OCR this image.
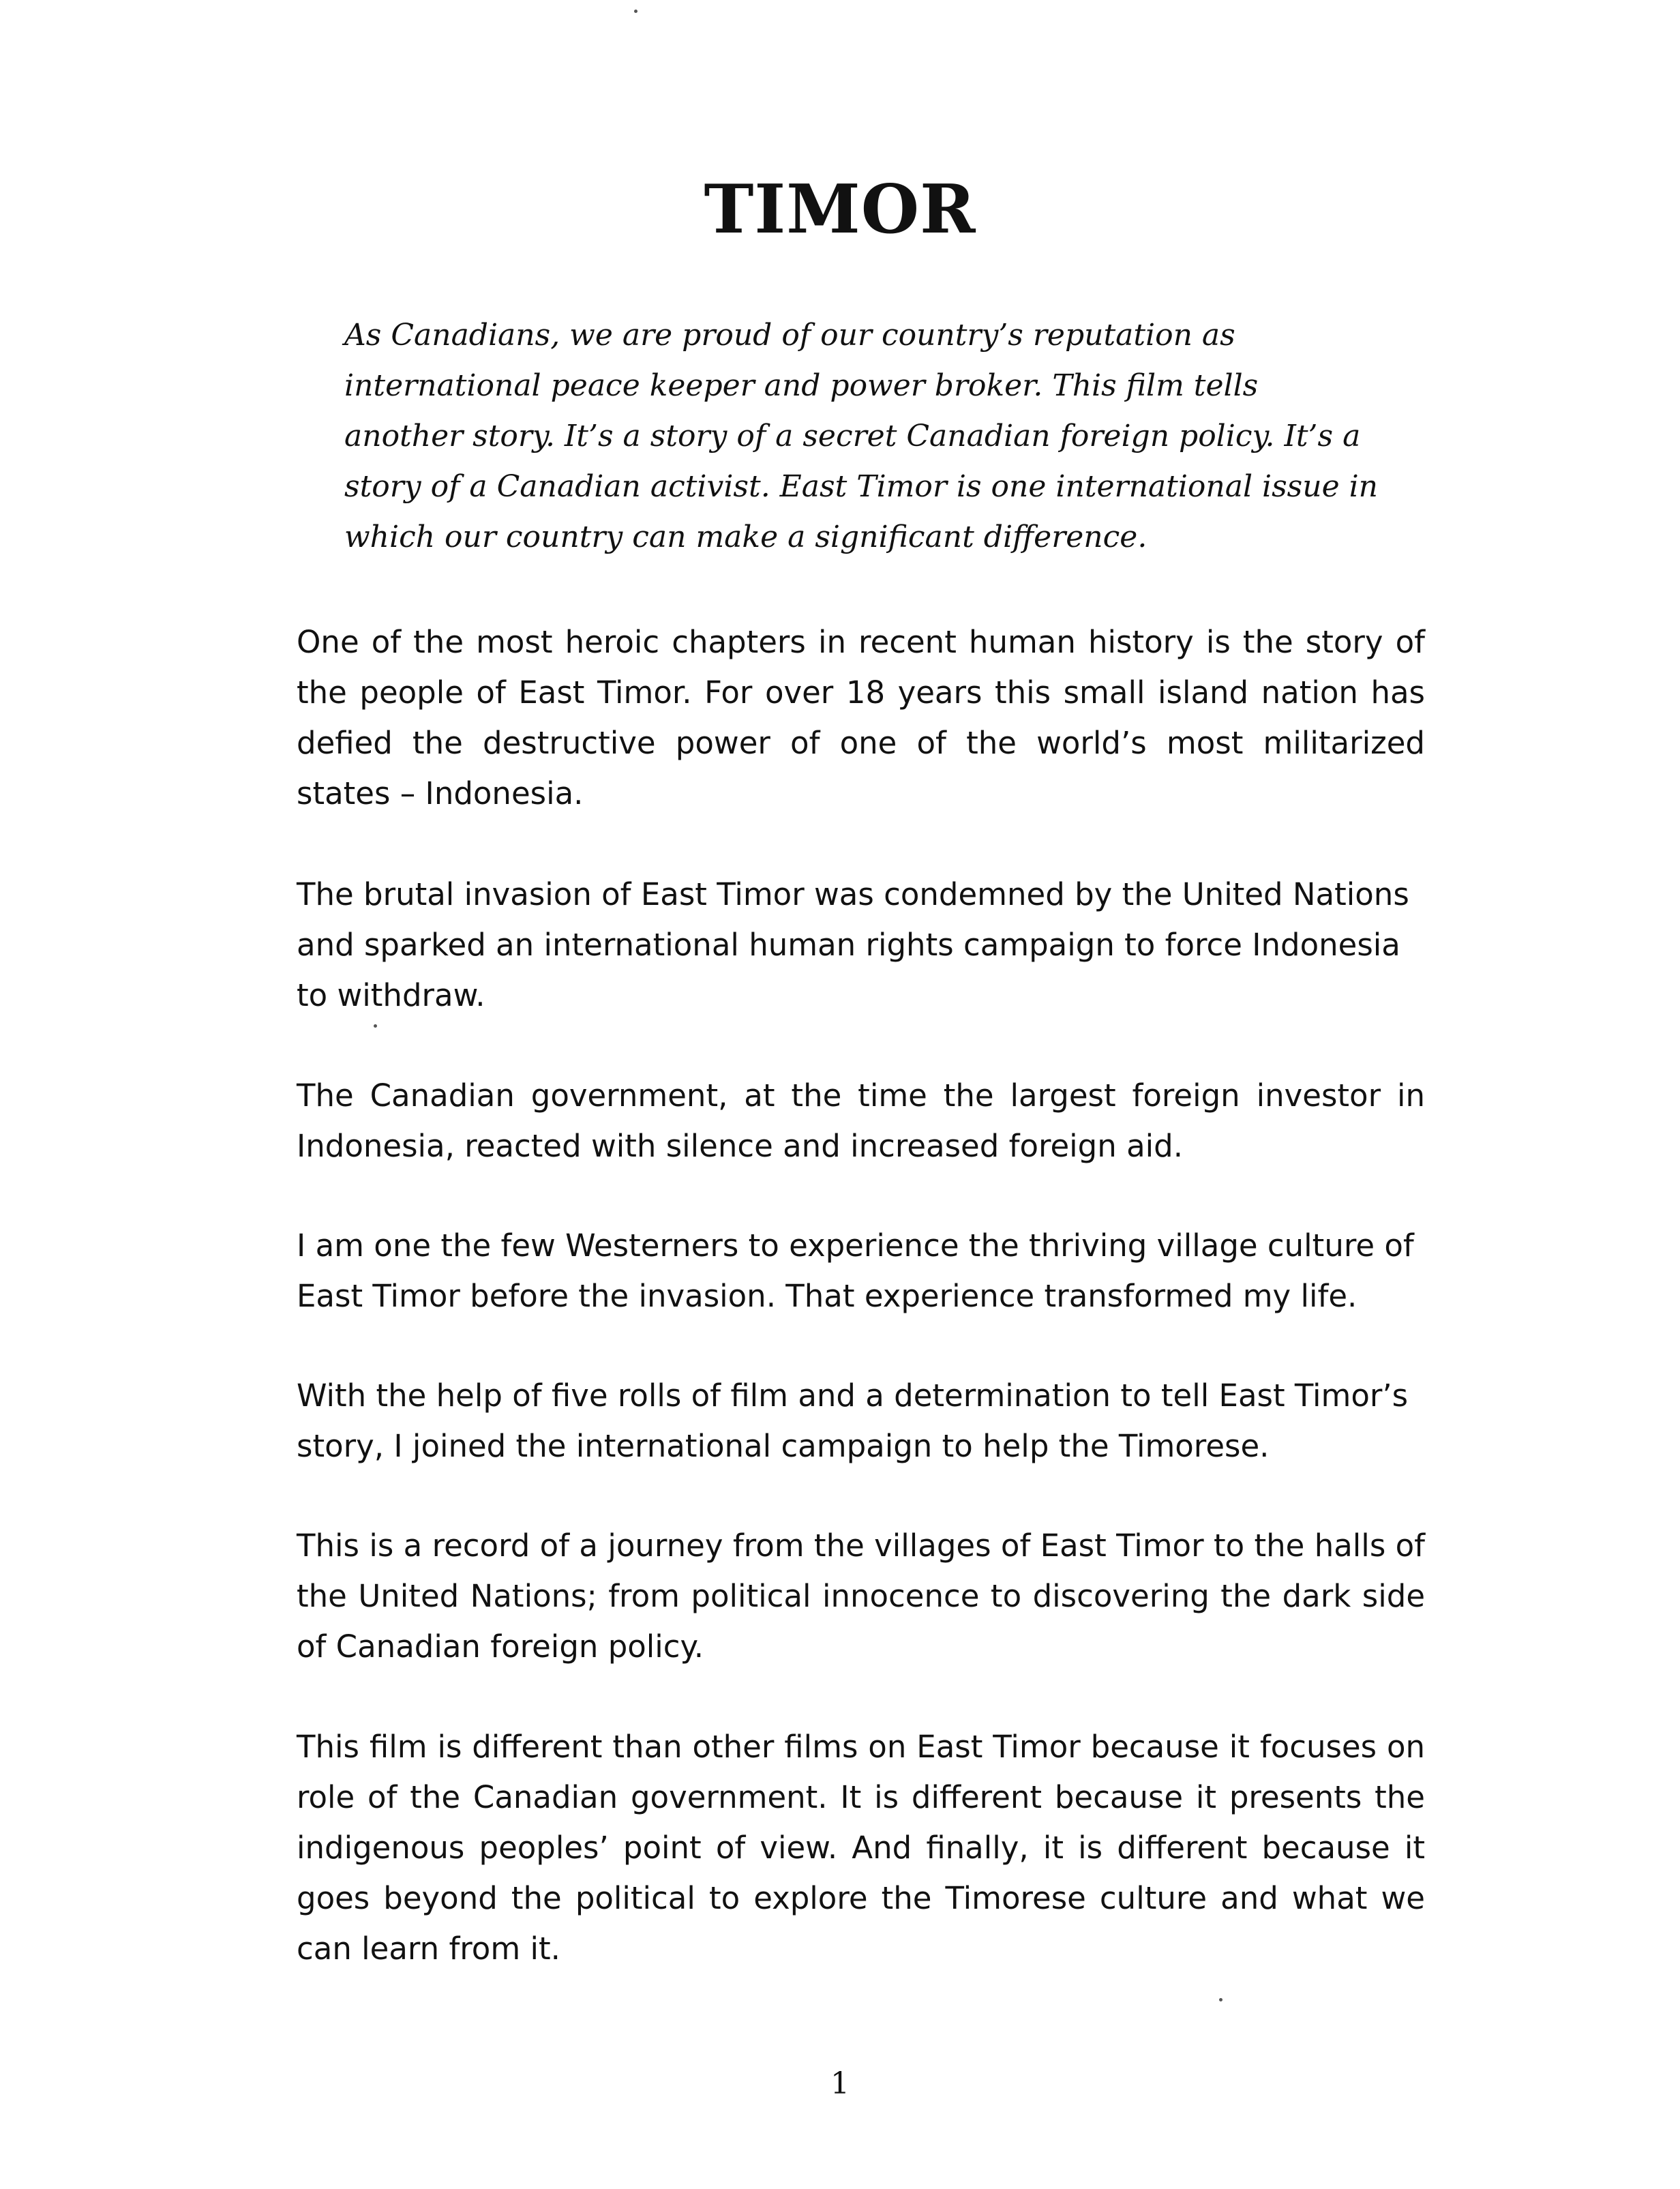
TIMOR

As Canadians, we are proud of our country’s reputation as international peace keeper and power broker. This film tells another story. It’s a story of a secret Canadian foreign policy. It’s a story of a Canadian activist. East Timor is one international issue in which our country can make a significant difference.

One of the most heroic chapters in recent human history is the story of the people of East Timor. For over 18 years this small island nation has defied the destructive power of one of the world’s most militarized states – Indonesia.

The brutal invasion of East Timor was condemned by the United Nations and sparked an international human rights campaign to force Indonesia to withdraw.

The Canadian government, at the time the largest foreign investor in Indonesia, reacted with silence and increased foreign aid.

I am one the few Westerners to experience the thriving village culture of East Timor before the invasion. That experience transformed my life.

With the help of five rolls of film and a determination to tell East Timor’s story, I joined the international campaign to help the Timorese.

This is a record of a journey from the villages of East Timor to the halls of the United Nations; from political innocence to discovering the dark side of Canadian foreign policy.

This film is different than other films on East Timor because it focuses on role of the Canadian government. It is different because it presents the indigenous peoples’ point of view. And finally, it is different because it goes beyond the political to explore the Timorese culture and what we can learn from it.

1
